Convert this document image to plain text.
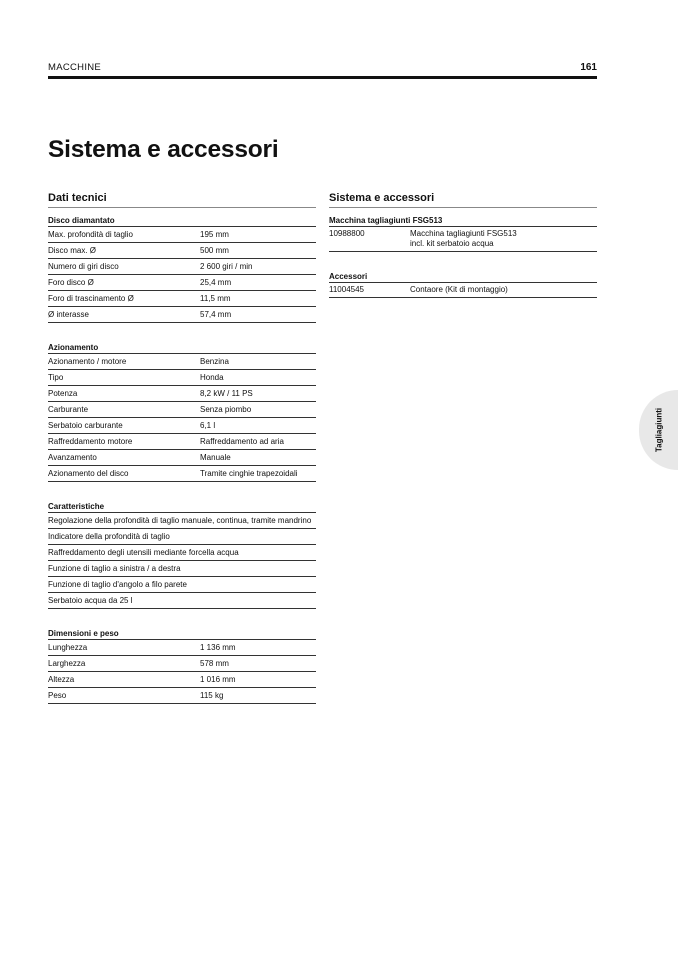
MACCHINE	161
Sistema e accessori
Dati tecnici
Disco diamantato
Max. profondità di taglio	195 mm
Disco max. Ø	500 mm
Numero di giri disco	2 600 giri / min
Foro disco Ø	25,4 mm
Foro di trascinamento Ø	11,5 mm
Ø interasse	57,4 mm
Azionamento
Azionamento / motore	Benzina
Tipo	Honda
Potenza	8,2 kW / 11 PS
Carburante	Senza piombo
Serbatoio carburante	6,1 l
Raffreddamento motore	Raffreddamento ad aria
Avanzamento	Manuale
Azionamento del disco	Tramite cinghie trapezoidali
Caratteristiche
Regolazione della profondità di taglio manuale, continua, tramite mandrino
Indicatore della profondità di taglio
Raffreddamento degli utensili mediante forcella acqua
Funzione di taglio a sinistra / a destra
Funzione di taglio d'angolo a filo parete
Serbatoio acqua da 25 l
Dimensioni e peso
Lunghezza	1 136 mm
Larghezza	578 mm
Altezza	1 016 mm
Peso	115 kg
Sistema e accessori
Macchina tagliagiunti FSG513
10988800	Macchina tagliagiunti FSG513
incl. kit serbatoio acqua
Accessori
11004545	Contaore (Kit di montaggio)
Tagliagiunti
